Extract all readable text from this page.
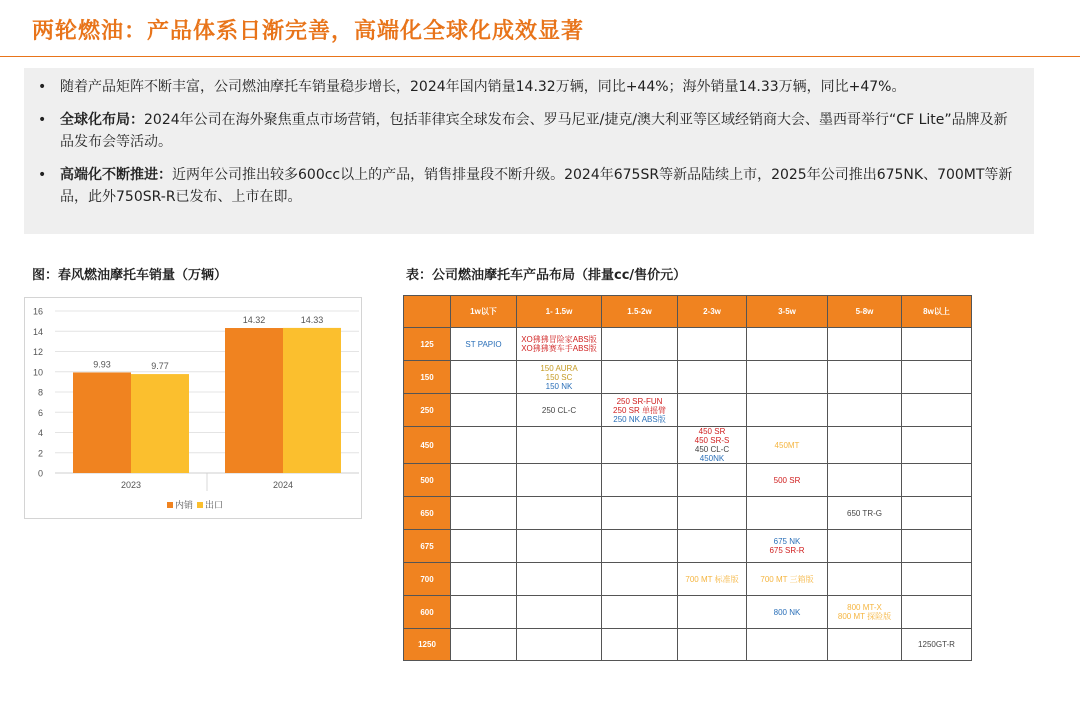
两轮燃油：产品体系日渐完善，高端化全球化成效显著
• 随着产品矩阵不断丰富，公司燃油摩托车销量稳步增长，2024年国内销量14.32万辆，同比+44%；海外销量14.33万辆，同比+47%。
• 全球化布局：2024年公司在海外聚焦重点市场营销，包括菲律宾全球发布会、罗马尼亚/捷克/澳大利亚等区域经销商大会、墨西哥举行“CF Lite”品牌及新品发布会等活动。
• 高端化不断推进：近两年公司推出较多600cc以上的产品，销售排量段不断升级。2024年675SR等新品陆续上市，2025年公司推出675NK、700MT等新品，此外750SR-R已发布、上市在即。
图：春风燃油摩托车销量（万辆）	表：公司燃油摩托车产品布局（排量cc/售价元）
0
2
4
6
8
10
12
14
16
9.93	9.77
2023
14.32	14.33
2024
内销 出口
	1w以下	1- 1.5w	1.5-2w	2-3w	3-5w	5-8w	8w以上
125	ST PAPIO	XO狒狒冒险家ABS版
XO狒狒赛车手ABS版					

150		150 AURA
150 SC
150 NK					

250		250 CL-C	250 SR-FUN
250 SR 单摇臂
250 NK ABS版				

450				450 SR
450 SR-S
450 CL-C
450NK	450MT		

500					500 SR		

650						650 TR-G	

675					675 NK
675 SR-R		

700				700 MT 标准版	700 MT 三箱版		

600					800 NK	800 MT-X
800 MT 探险版	

1250							1250GT-R
